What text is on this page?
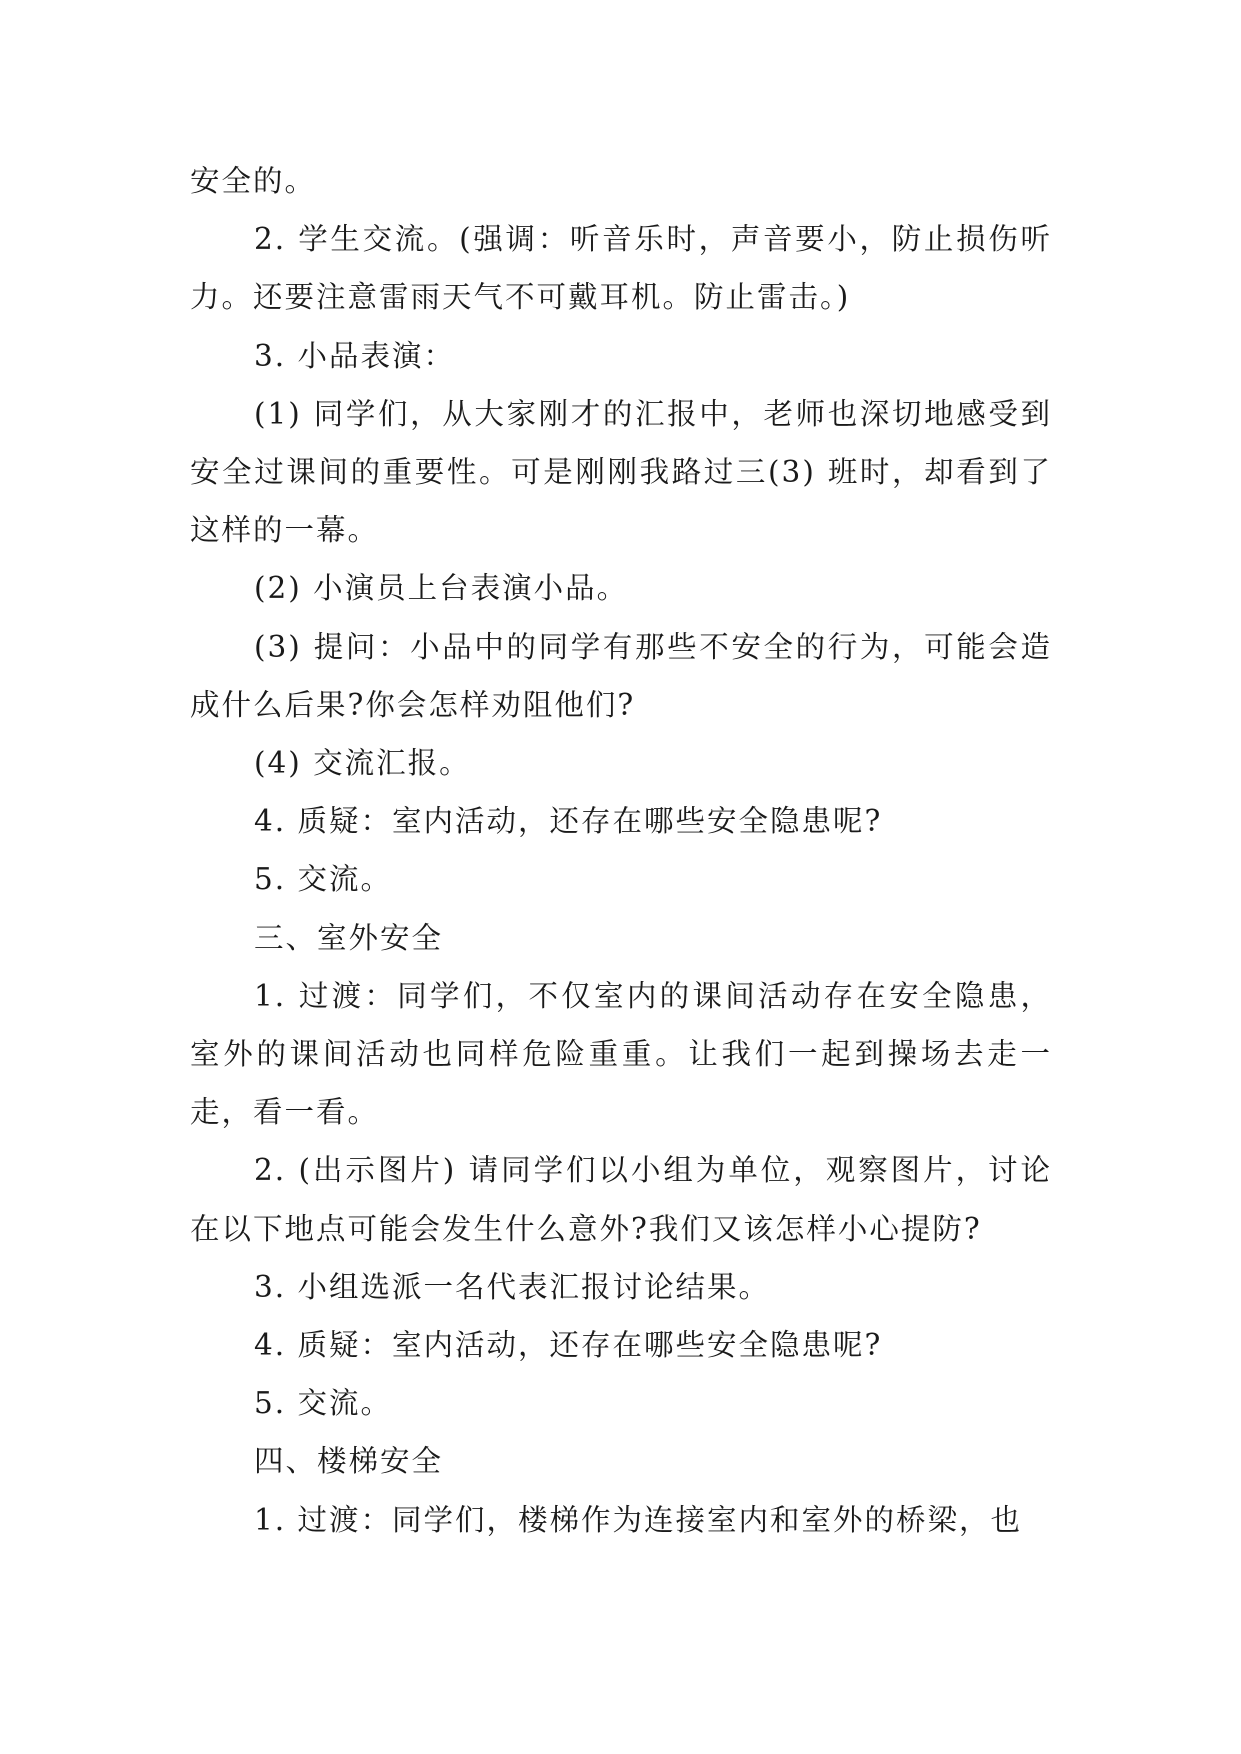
安全的。

2. 学生交流。(强调：听音乐时，声音要小，防止损伤听力。还要注意雷雨天气不可戴耳机。防止雷击。)

3. 小品表演：

(1) 同学们，从大家刚才的汇报中，老师也深切地感受到安全过课间的重要性。可是刚刚我路过三(3) 班时，却看到了这样的一幕。

(2) 小演员上台表演小品。

(3) 提问：小品中的同学有那些不安全的行为，可能会造成什么后果?你会怎样劝阻他们?

(4) 交流汇报。

4. 质疑：室内活动，还存在哪些安全隐患呢?

5. 交流。

三、室外安全

1. 过渡：同学们，不仅室内的课间活动存在安全隐患，室外的课间活动也同样危险重重。让我们一起到操场去走一走，看一看。

2. (出示图片) 请同学们以小组为单位，观察图片，讨论在以下地点可能会发生什么意外?我们又该怎样小心提防?

3. 小组选派一名代表汇报讨论结果。

4. 质疑：室内活动，还存在哪些安全隐患呢?

5. 交流。

四、楼梯安全

1. 过渡：同学们，楼梯作为连接室内和室外的桥梁，也
